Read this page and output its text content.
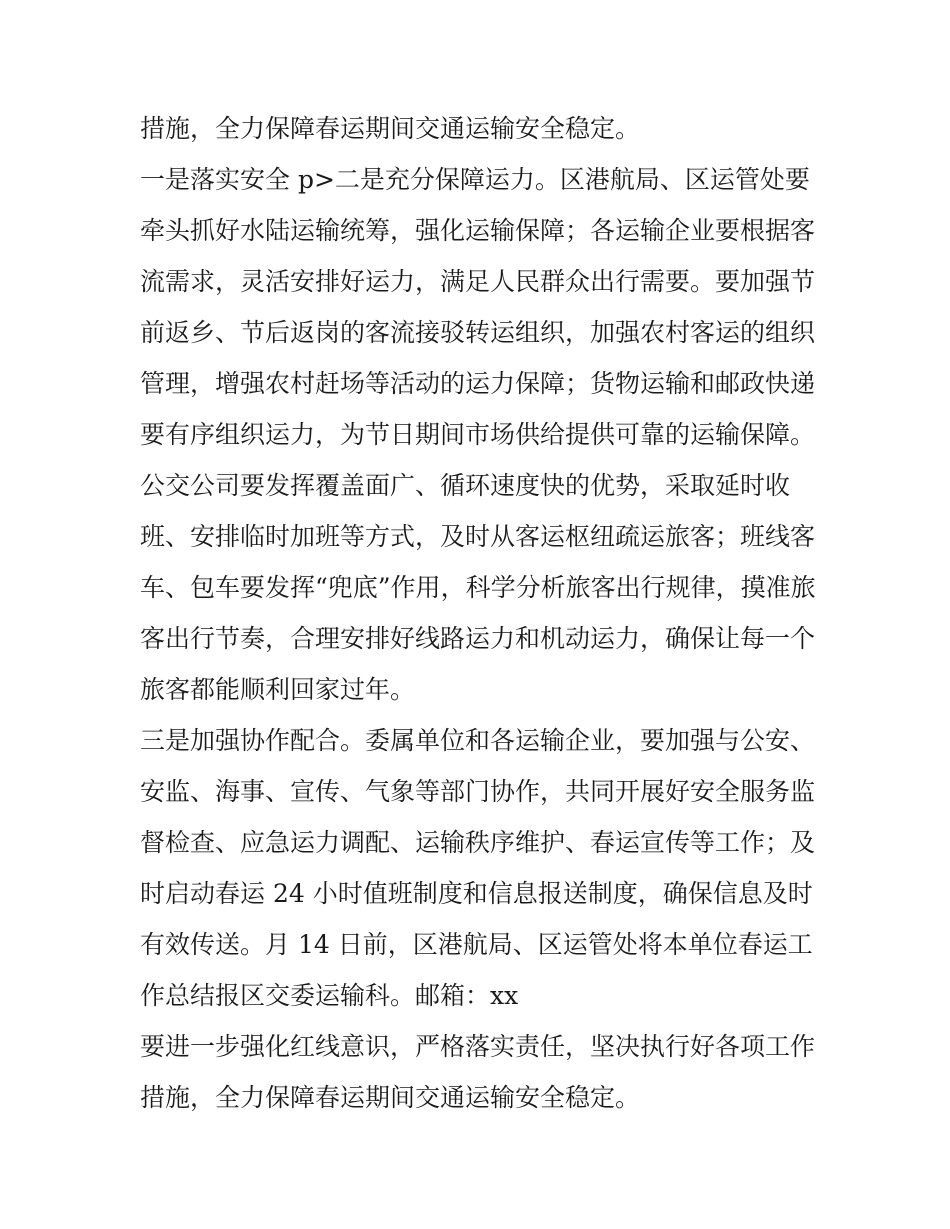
措施，全力保障春运期间交通运输安全稳定。
一是落实安全 p>二是充分保障运力。区港航局、区运管处要
牵头抓好水陆运输统筹，强化运输保障；各运输企业要根据客
流需求，灵活安排好运力，满足人民群众出行需要。要加强节
前返乡、节后返岗的客流接驳转运组织，加强农村客运的组织
管理，增强农村赶场等活动的运力保障；货物运输和邮政快递
要有序组织运力，为节日期间市场供给提供可靠的运输保障。
公交公司要发挥覆盖面广、循环速度快的优势，采取延时收
班、安排临时加班等方式，及时从客运枢纽疏运旅客；班线客
车、包车要发挥“兜底”作用，科学分析旅客出行规律，摸准旅
客出行节奏，合理安排好线路运力和机动运力，确保让每一个
旅客都能顺利回家过年。
三是加强协作配合。委属单位和各运输企业，要加强与公安、
安监、海事、宣传、气象等部门协作，共同开展好安全服务监
督检查、应急运力调配、运输秩序维护、春运宣传等工作；及
时启动春运 24 小时值班制度和信息报送制度，确保信息及时
有效传送。月 14 日前，区港航局、区运管处将本单位春运工
作总结报区交委运输科。邮箱：xx
要进一步强化红线意识，严格落实责任，坚决执行好各项工作
措施，全力保障春运期间交通运输安全稳定。
